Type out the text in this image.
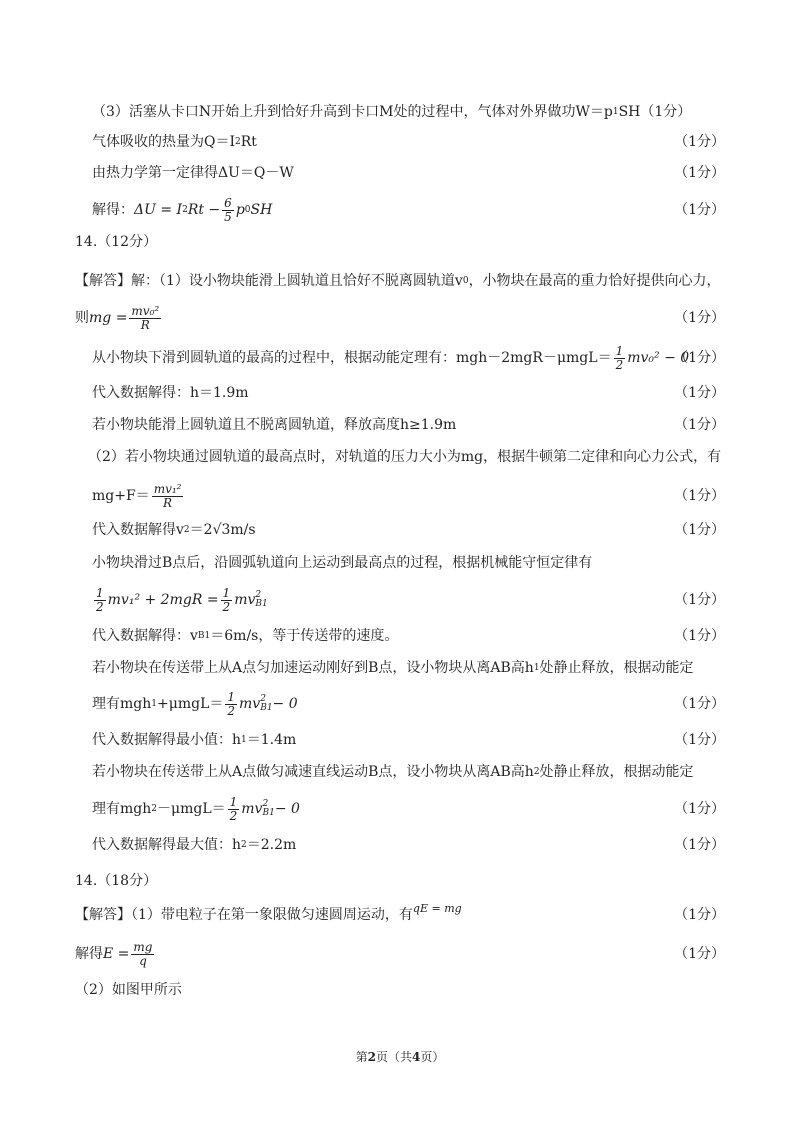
（3）活塞从卡口N开始上升到恰好升高到卡口M处的过程中，气体对外界做功W＝p 1 SH（1分）
气体吸收的热量为Q＝I 2 Rt	（1分）
由热力学第一定律得ΔU＝Q－W	（1分）
解得： ΔU = I 2 $Rt - \frac{6}{5}$ p 0 SH	（1分）
14.（12分）
【解答】解：（1）设小物块能滑上圆轨道且恰好不脱离圆轨道v 0 ，小物块在最高的重力恰好提供向心力，
则 mg = $\frac{\text{mv₀²}}{R}$	（1分）
从小物块下滑到圆轨道的最高的过程中，根据动能定理有：$mgh-2mgR-\mu mgL= \frac{1}{2} mv_0^2 - 0$
（1分）
代入数据解得：h＝1.9m	（1分）
若小物块能滑上圆轨道且不脱离圆轨道，释放高度h≥1.9m	（1分）
（2）若小物块通过圆轨道的最高点时，对轨道的压力大小为mg，根据牛顿第二定律和向心力公式，有
$mg+F= \frac{\text{mv₁²}}{R}$	（1分）
代入数据解得v 2 ＝2√3m/s	（1分）
小物块滑过B点后，沿圆弧轨道向上运动到最高点的过程，根据机械能守恒定律有
$\frac{1}{2} mv_1^2 + 2mgR = \frac{1}{2}$ mv 2
B1	（1分）
代入数据解得：v B1 ＝6m/s，等于传送带的速度。	（1分）
若小物块在传送带上从A点匀加速运动刚好到B点，设小物块从离AB高h 1 处静止释放，根据动能定
理有mgh $1 +\mu mgL= \frac{1}{2}$ mv 2
B1 − 0	（1分）
代入数据解得最小值：h 1 ＝1.4m	（1分）
若小物块在传送带上从A点做匀减速直线运动B点，设小物块从离AB高h 2 处静止释放，根据动能定
理有mgh $2 -\mu mgL= \frac{1}{2}$ mv 2
B1 − 0	（1分）
代入数据解得最大值：h 2 ＝2.2m	（1分）
14.（18分）
【解答】（1）带电粒子在第一象限做匀速圆周运动，有 qE = mg	（1分）
解得 $E = \frac{mg}{q}$	（1分）
（2）如图甲所示
第2页（共4页）
